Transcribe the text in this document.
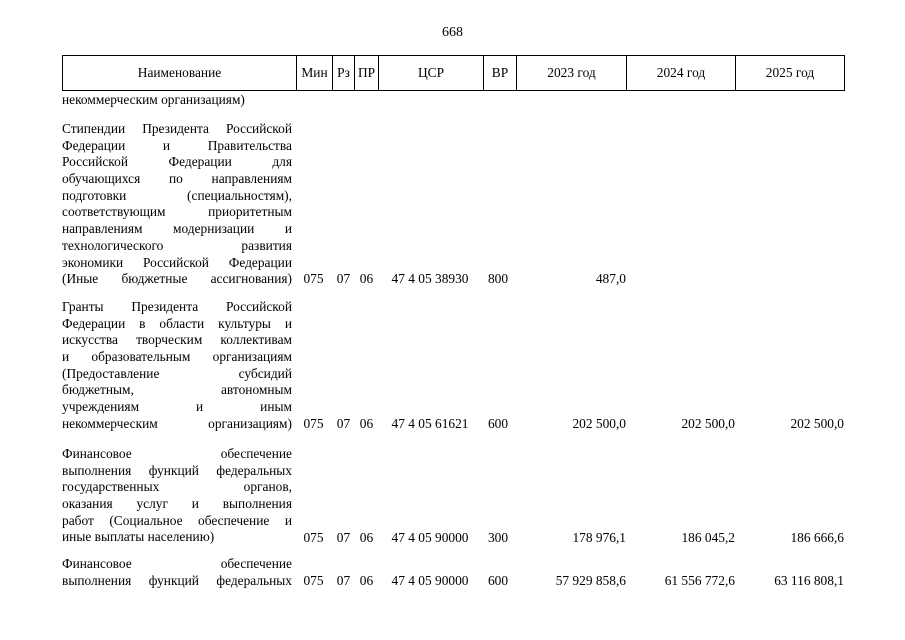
668
Наименование	Мин Рз ПР	ЦСР	ВР	2023 год	2024 год	2025 год
некоммерческим организациям)
Стипендии Президента Российской
Федерации и Правительства
Российской Федерации для
обучающихся по направлениям
подготовки (специальностям),
соответствующим приоритетным
направлениям модернизации и
технологического развития
экономики Российской Федерации
(Иные бюджетные ассигнования) 075 07 06	47 4 05 38930	800	487,0
Гранты Президента Российской
Федерации в области культуры и
искусства творческим коллективам
и образовательным организациям
(Предоставление субсидий
бюджетным, автономным
учреждениям и иным
некоммерческим организациям) 075 07 06	47 4 05 61621	600	202 500,0	202 500,0	202 500,0
Финансовое обеспечение
выполнения функций федеральных
государственных органов,
оказания услуг и выполнения
работ (Социальное обеспечение и
иные выплаты населению)	075 07 06	47 4 05 90000	300	178 976,1	186 045,2	186 666,6
Финансовое обеспечение
выполнения функций федеральных 075 07 06	47 4 05 90000	600	57 929 858,6	61 556 772,6	63 116 808,1
